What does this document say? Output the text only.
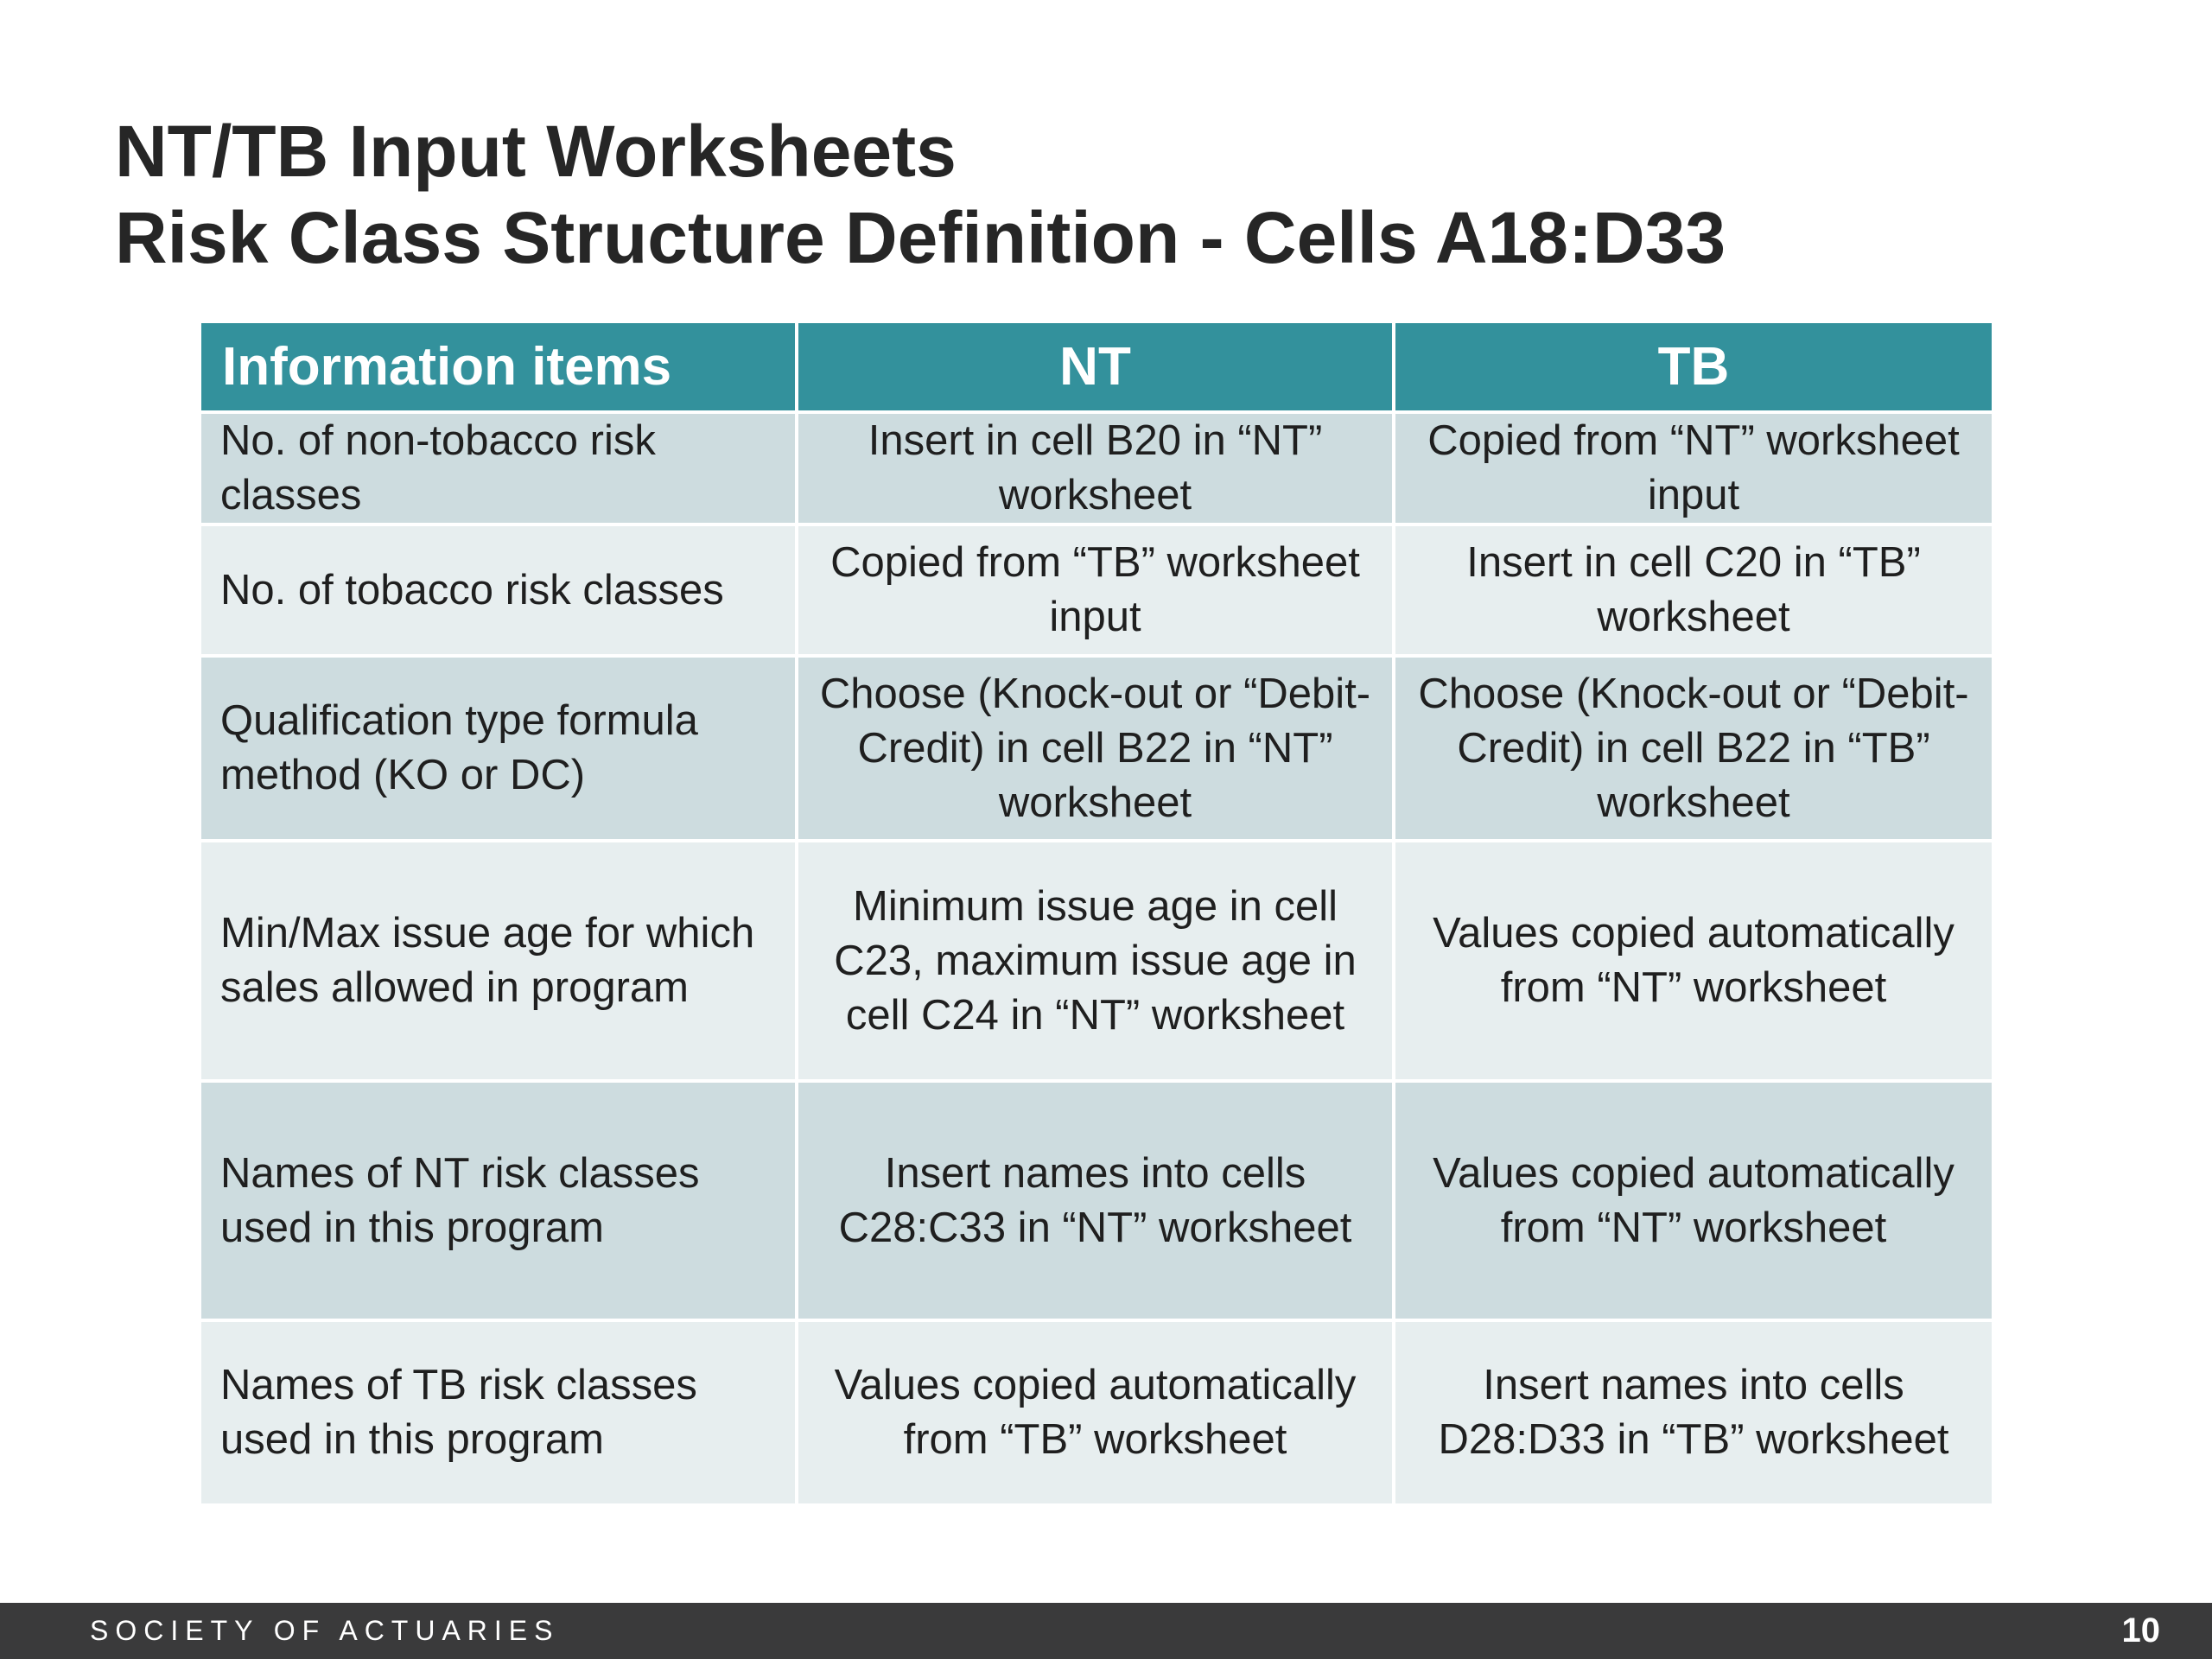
NT/TB Input Worksheets
Risk Class Structure Definition - Cells A18:D33
Information items	NT	TB
No. of non-tobacco risk classes	Insert in cell B20 in “NT” worksheet	Copied from “NT” worksheet input
No. of tobacco risk classes	Copied from “TB” worksheet input	Insert in cell C20 in “TB” worksheet
Qualification type formula method (KO or DC)	Choose (Knock-out or “Debit-Credit) in cell B22 in “NT” worksheet	Choose (Knock-out or “Debit-Credit) in cell B22 in “TB” worksheet
Min/Max issue age for which sales allowed in program	Minimum issue age in cell C23, maximum issue age in cell C24 in “NT” worksheet	Values copied automatically from “NT” worksheet
Names of NT risk classes used in this program	Insert names into cells C28:C33 in “NT” worksheet	Values copied automatically from “NT” worksheet
Names of TB risk classes used in this program	Values copied automatically from “TB” worksheet	Insert names into cells D28:D33 in “TB” worksheet
SOCIETY OF ACTUARIES	10
